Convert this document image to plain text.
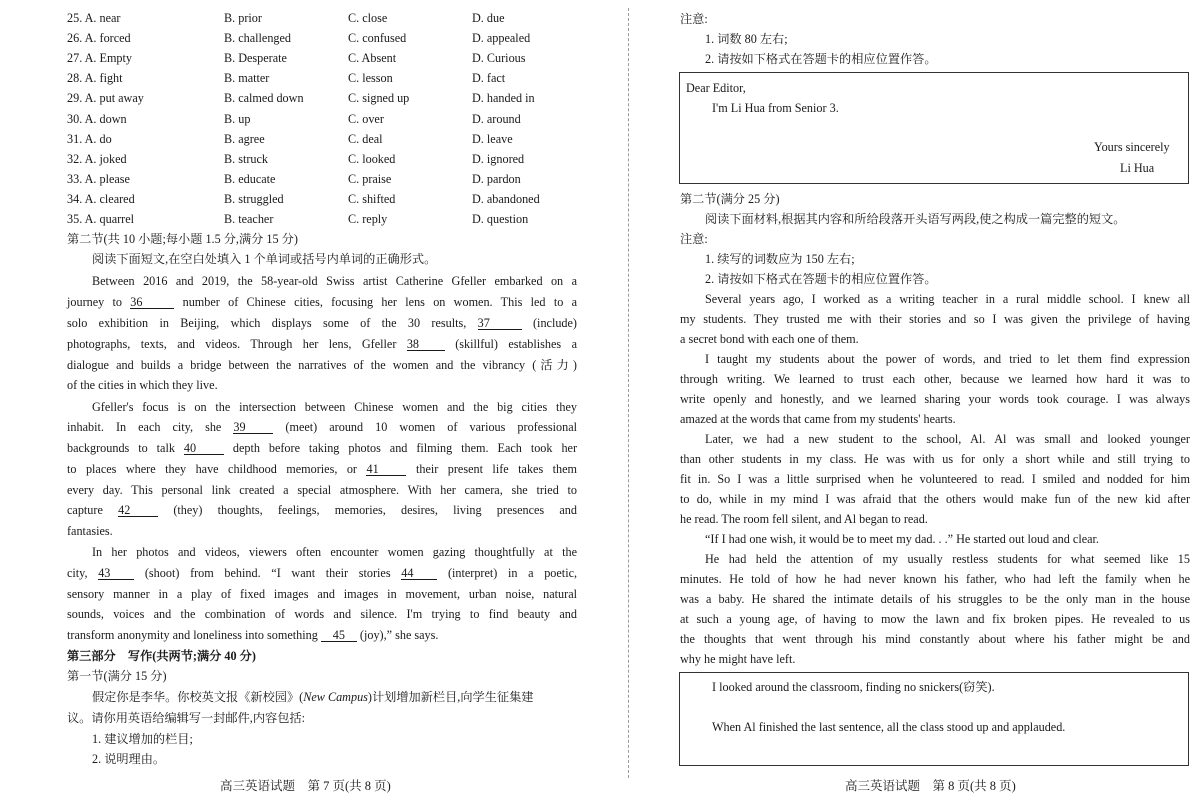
25. A. near	B. prior	C. close	D. due
26. A. forced	B. challenged	C. confused	D. appealed
27. A. Empty	B. Desperate	C. Absent	D. Curious
28. A. fight	B. matter	C. lesson	D. fact
29. A. put away	B. calmed down	C. signed up	D. handed in
30. A. down	B. up	C. over	D. around
31. A. do	B. agree	C. deal	D. leave
32. A. joked	B. struck	C. looked	D. ignored
33. A. please	B. educate	C. praise	D. pardon
34. A. cleared	B. struggled	C. shifted	D. abandoned
35. A. quarrel	B. teacher	C. reply	D. question
第二节(共 10 小题;每小题 1.5 分,满分 15 分)
阅读下面短文,在空白处填入 1 个单词或括号内单词的正确形式。
Between 2016 and 2019, the 58-year-old Swiss artist Catherine Gfeller embarked on a
journey to 36	number of Chinese cities, focusing her lens on women. This led to a
solo exhibition in Beijing, which displays some of the 30 results, 37	(include)
photographs, texts, and videos. Through her lens, Gfeller 38	(skillful) establishes a
dialogue and builds a bridge between the narratives of the women and the vibrancy (活力)
of the cities in which they live.
Gfeller's focus is on the intersection between Chinese women and the big cities they
inhabit. In each city, she 39	(meet) around 10 women of various professional
backgrounds to talk 40	depth before taking photos and filming them. Each took her
to places where they have childhood memories, or 41	their present life takes them
every day. This personal link created a special atmosphere. With her camera, she tried to
capture 42	(they) thoughts, feelings, memories, desires, living presences and
fantasies.
In her photos and videos, viewers often encounter women gazing thoughtfully at the
city, 43	(shoot) from behind. “I want their stories 44	(interpret) in a poetic,
sensory manner in a play of fixed images and images in movement, urban noise, natural
sounds, voices and the combination of words and silence. I'm trying to find beauty and
transform anonymity and loneliness into something 45 (joy),” she says.
第三部分　写作(共两节;满分 40 分)
第一节(满分 15 分)
假定你是李华。你校英文报《新校园》(New Campus)计划增加新栏目,向学生征集建
议。请你用英语给编辑写一封邮件,内容包括:
1. 建议增加的栏目;
2. 说明理由。
高三英语试题　第 7 页(共 8 页)
注意:
1. 词数 80 左右;
2. 请按如下格式在答题卡的相应位置作答。
Dear Editor,
I'm Li Hua from Senior 3.
Yours sincerely
Li Hua
第二节(满分 25 分)
阅读下面材料,根据其内容和所给段落开头语写两段,使之构成一篇完整的短文。
注意:
1. 续写的词数应为 150 左右;
2. 请按如下格式在答题卡的相应位置作答。
Several years ago, I worked as a writing teacher in a rural middle school. I knew all
my students. They trusted me with their stories and so I was given the privilege of having
a secret bond with each one of them.
I taught my students about the power of words, and tried to let them find expression
through writing. We learned to trust each other, because we learned how hard it was to
write openly and honestly, and we learned sharing your words took courage. I was always
amazed at the words that came from my students' hearts.
Later, we had a new student to the school, Al. Al was small and looked younger
than other students in my class. He was with us for only a short while and still trying to
fit in. So I was a little surprised when he volunteered to read. I smiled and nodded for him
to do, while in my mind I was afraid that the others would make fun of the new kid after
he read. The room fell silent, and Al began to read.
“If I had one wish, it would be to meet my dad. . .” He started out loud and clear.
He had held the attention of my usually restless students for what seemed like 15
minutes. He told of how he had never known his father, who had left the family when he
was a baby. He shared the intimate details of his struggles to be the only man in the house
at such a young age, of having to mow the lawn and fix broken pipes. He revealed to us
the thoughts that went through his mind constantly about where his father might be and
why he might have left.
I looked around the classroom, finding no snickers(窃笑).
When Al finished the last sentence, all the class stood up and applauded.
高三英语试题　第 8 页(共 8 页)
